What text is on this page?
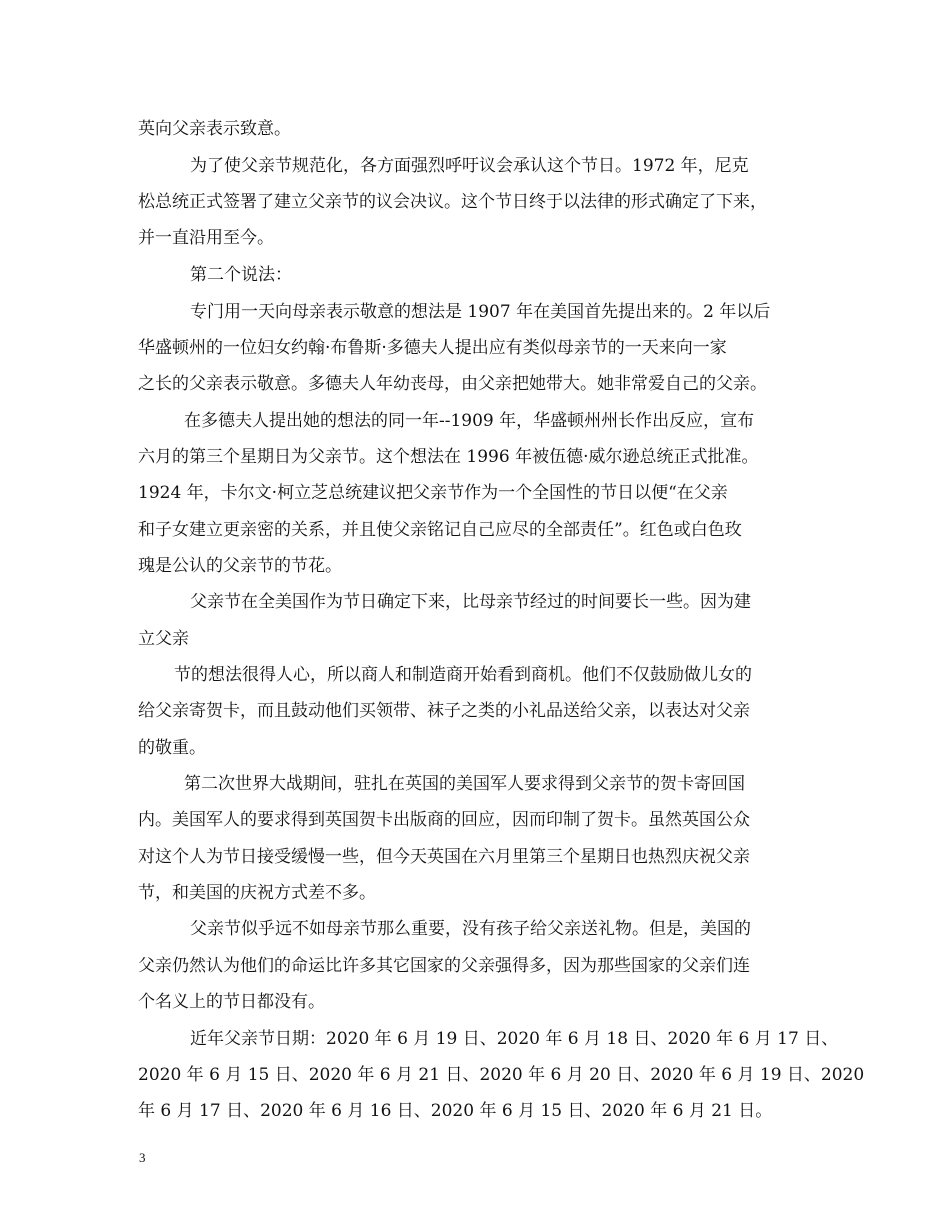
英向父亲表示致意。
为了使父亲节规范化，各方面强烈呼吁议会承认这个节日。1972 年，尼克
松总统正式签署了建立父亲节的议会决议。这个节日终于以法律的形式确定了下来，
并一直沿用至今。
第二个说法：
专门用一天向母亲表示敬意的想法是 1907 年在美国首先提出来的。2 年以后
华盛顿州的一位妇女约翰·布鲁斯·多德夫人提出应有类似母亲节的一天来向一家
之长的父亲表示敬意。多德夫人年幼丧母，由父亲把她带大。她非常爱自己的父亲。
在多德夫人提出她的想法的同一年--1909 年，华盛顿州州长作出反应，宣布
六月的第三个星期日为父亲节。这个想法在 1996 年被伍德·威尔逊总统正式批准。
1924 年，卡尔文·柯立芝总统建议把父亲节作为一个全国性的节日以便“在父亲
和子女建立更亲密的关系，并且使父亲铭记自己应尽的全部责任”。红色或白色玫
瑰是公认的父亲节的节花。
父亲节在全美国作为节日确定下来，比母亲节经过的时间要长一些。因为建
立父亲
节的想法很得人心，所以商人和制造商开始看到商机。他们不仅鼓励做儿女的
给父亲寄贺卡，而且鼓动他们买领带、袜子之类的小礼品送给父亲，以表达对父亲
的敬重。
第二次世界大战期间，驻扎在英国的美国军人要求得到父亲节的贺卡寄回国
内。美国军人的要求得到英国贺卡出版商的回应，因而印制了贺卡。虽然英国公众
对这个人为节日接受缓慢一些，但今天英国在六月里第三个星期日也热烈庆祝父亲
节，和美国的庆祝方式差不多。
父亲节似乎远不如母亲节那么重要，没有孩子给父亲送礼物。但是，美国的
父亲仍然认为他们的命运比许多其它国家的父亲强得多，因为那些国家的父亲们连
个名义上的节日都没有。
近年父亲节日期：2020 年 6 月 19 日、2020 年 6 月 18 日、2020 年 6 月 17 日、
2020 年 6 月 15 日、2020 年 6 月 21 日、2020 年 6 月 20 日、2020 年 6 月 19 日、2020
年 6 月 17 日、2020 年 6 月 16 日、2020 年 6 月 15 日、2020 年 6 月 21 日。
3
